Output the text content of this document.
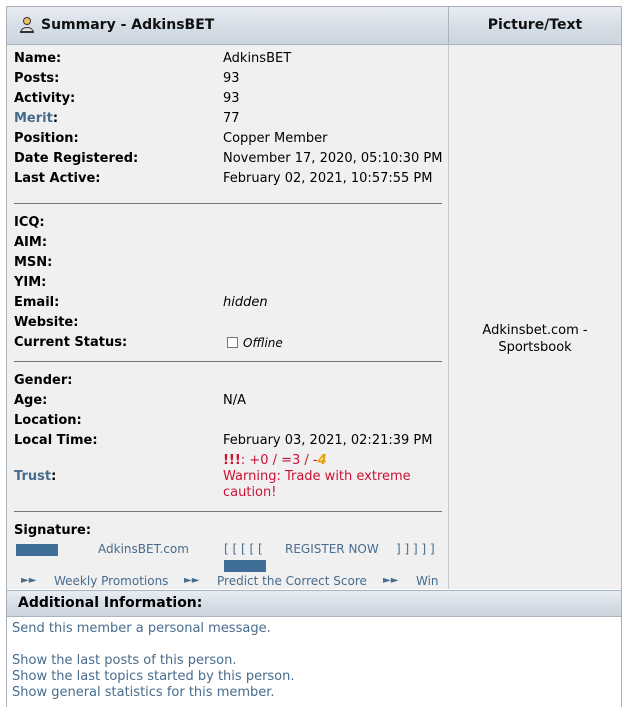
Summary - AdkinsBET	Picture/Text
Name:	AdkinsBET
Posts:	93
Activity:	93
Merit:	77
Position:	Copper Member
Date Registered:	November 17, 2020, 05:10:30 PM
Last Active:	February 02, 2021, 10:57:55 PM
ICQ:
AIM:
MSN:
YIM:
Email:	hidden
Website:
Current Status:	Offline
Gender:
Age:	N/A
Location:
Local Time:	February 03, 2021, 02:21:39 PM
Trust:
!!!: +0 / =3 / -4
Warning: Trade with extreme
caution!
Signature:
AdkinsBET.com	[ [ [ [ [ REGISTER NOW ] ] ] ] ]
►► Weekly Promotions ►► Predict the Correct Score ►► Win
Adkinsbet.com -
Sportsbook
Additional Information:
Send this member a personal message.
Show the last posts of this person.
Show the last topics started by this person.
Show general statistics for this member.
